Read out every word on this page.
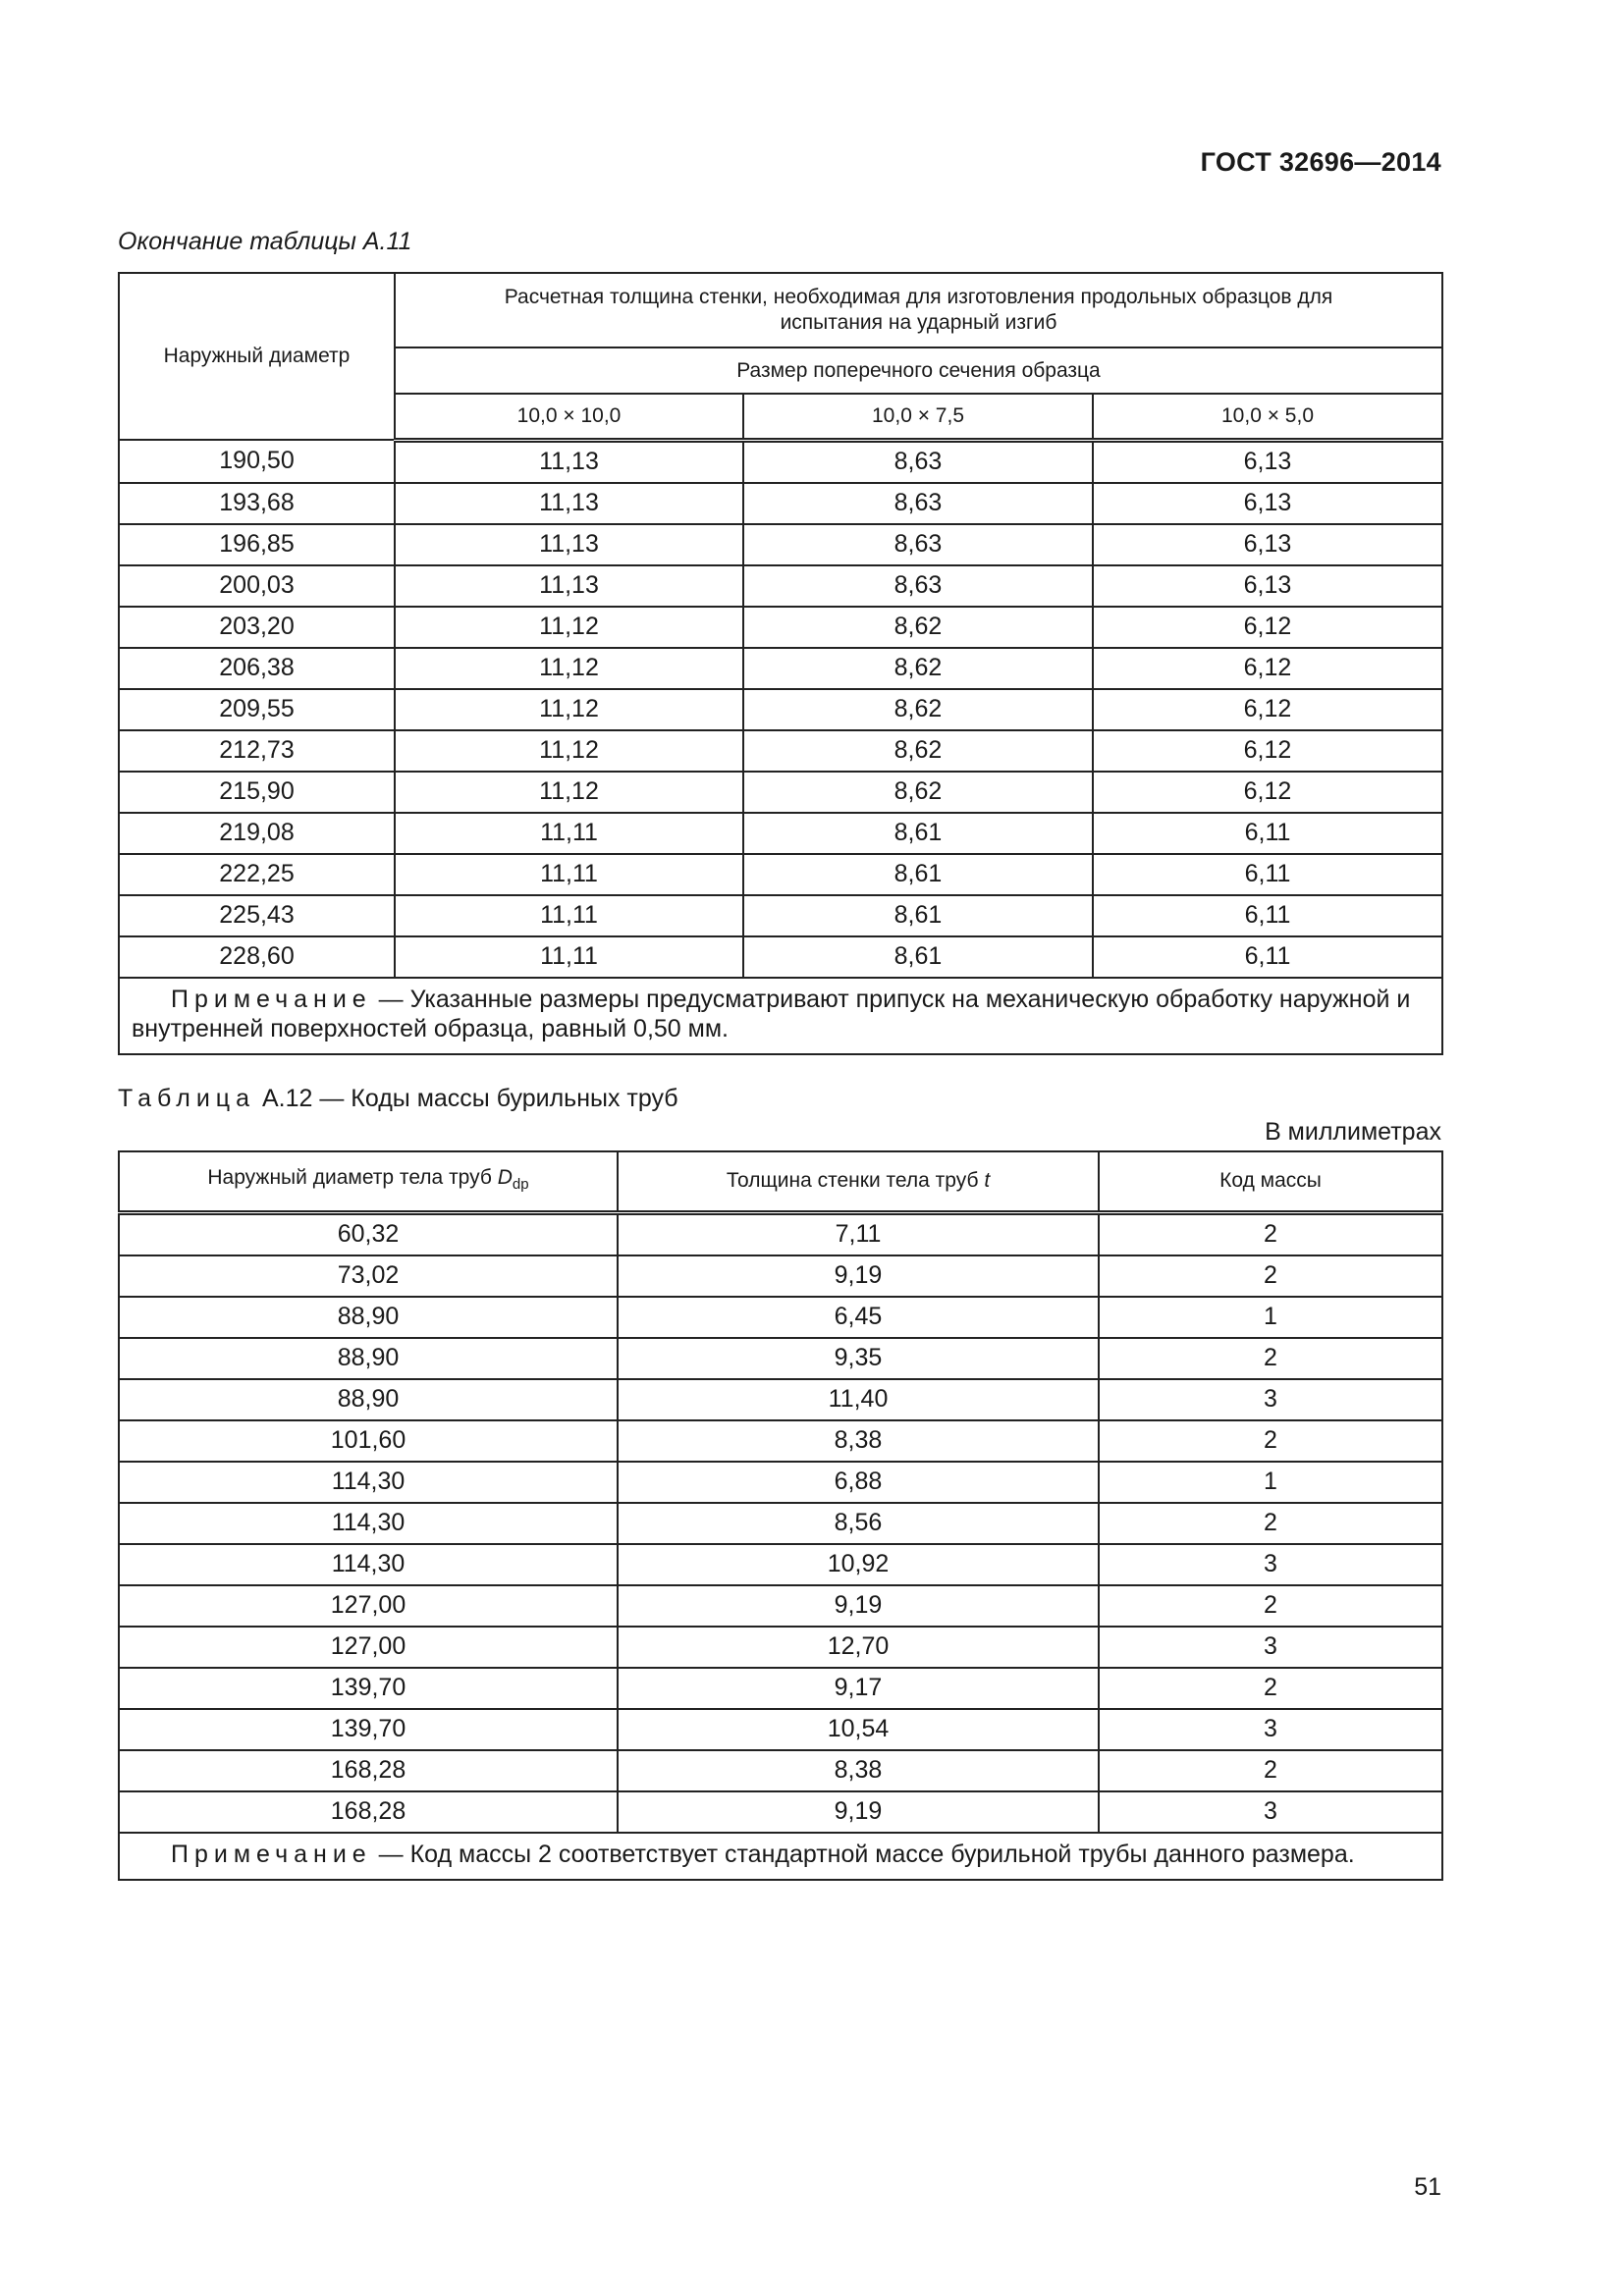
ГОСТ 32696—2014
Окончание таблицы А.11
Наружный диаметр	Расчетная толщина стенки, необходимая для изготовления продольных образцов для испытания на ударный изгиб		
	Размер поперечного сечения образца		
	10,0 × 10,0	10,0 × 7,5	10,0 × 5,0
190,50	11,13	8,63	6,13
193,68	11,13	8,63	6,13
196,85	11,13	8,63	6,13
200,03	11,13	8,63	6,13
203,20	11,12	8,62	6,12
206,38	11,12	8,62	6,12
209,55	11,12	8,62	6,12
212,73	11,12	8,62	6,12
215,90	11,12	8,62	6,12
219,08	11,11	8,61	6,11
222,25	11,11	8,61	6,11
225,43	11,11	8,61	6,11
228,60	11,11	8,61	6,11
Примечание — Указанные размеры предусматривают припуск на механическую обработку наружной и внутренней поверхностей образца, равный 0,50 мм.			
Таблица А.12 — Коды массы бурильных труб
В миллиметрах
Наружный диаметр тела труб $D_{dp}$	Толщина стенки тела труб t	Код массы
60,32	7,11	2
73,02	9,19	2
88,90	6,45	1
88,90	9,35	2
88,90	11,40	3
101,60	8,38	2
114,30	6,88	1
114,30	8,56	2
114,30	10,92	3
127,00	9,19	2
127,00	12,70	3
139,70	9,17	2
139,70	10,54	3
168,28	8,38	2
168,28	9,19	3
Примечание — Код массы 2 соответствует стандартной массе бурильной трубы данного размера.		
51
